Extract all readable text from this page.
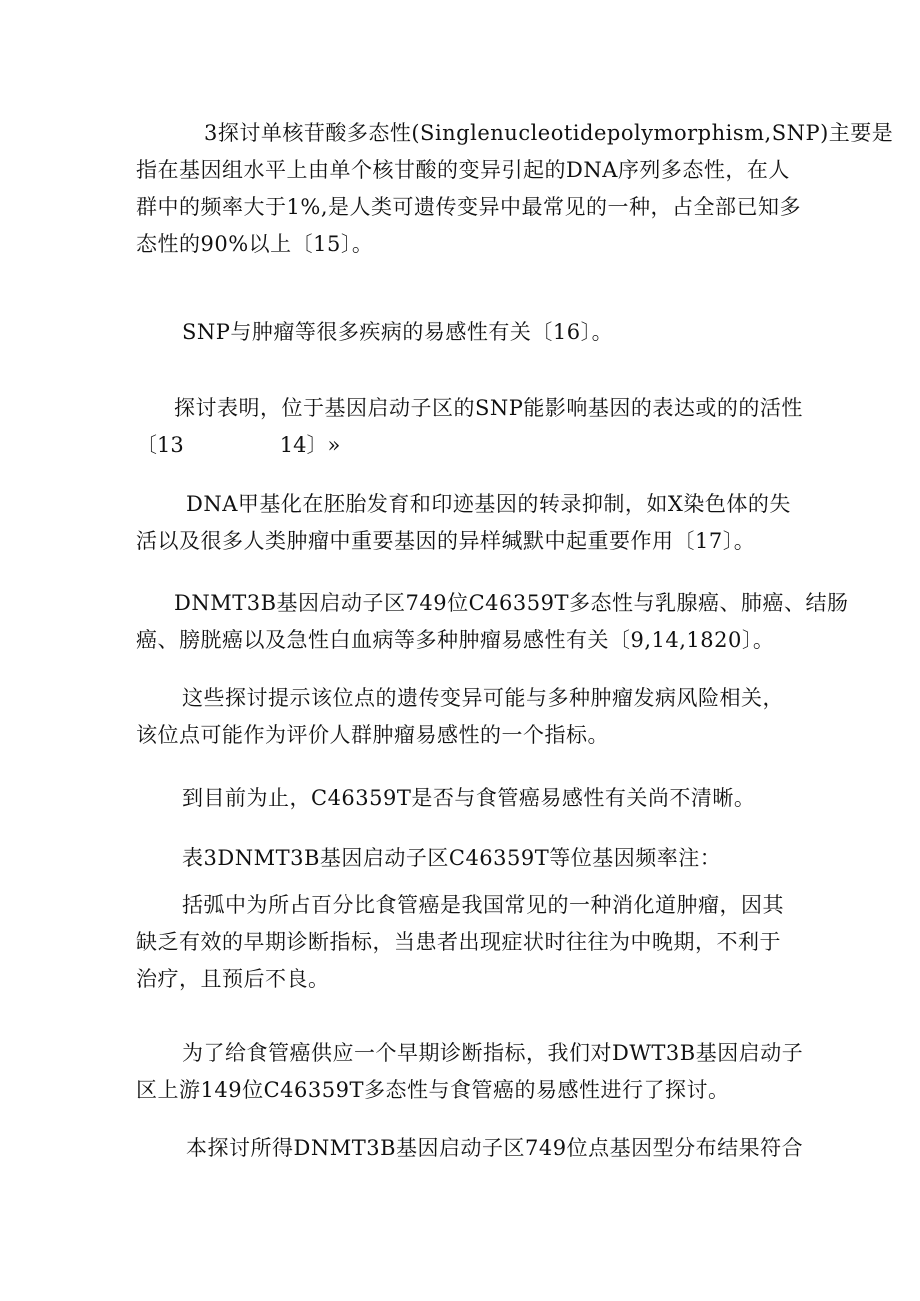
3探讨单核苷酸多态性(Singlenucleotidepolymorphism,SNP)主要是
指在基因组水平上由单个核甘酸的变异引起的DNA序列多态性，在人
群中的频率大于1%,是人类可遗传变异中最常见的一种，占全部已知多
态性的90%以上〔15〕。

SNP与肿瘤等很多疾病的易感性有关〔16〕。

探讨表明，位于基因启动子区的SNP能影响基因的表达或的的活性
〔13	14〕»

DNA甲基化在胚胎发育和印迹基因的转录抑制，如X染色体的失
活以及很多人类肿瘤中重要基因的异样缄默中起重要作用〔17〕。

DNMT3B基因启动子区749位C46359T多态性与乳腺癌、肺癌、结肠
癌、膀胱癌以及急性白血病等多种肿瘤易感性有关〔9,14,1820〕。

这些探讨提示该位点的遗传变异可能与多种肿瘤发病风险相关，
该位点可能作为评价人群肿瘤易感性的一个指标。

到目前为止，C46359T是否与食管癌易感性有关尚不清晰。

表3DNMT3B基因启动子区C46359T等位基因频率注：

括弧中为所占百分比食管癌是我国常见的一种消化道肿瘤，因其
缺乏有效的早期诊断指标，当患者出现症状时往往为中晚期，不利于
治疗，且预后不良。

为了给食管癌供应一个早期诊断指标，我们对DWT3B基因启动子
区上游149位C46359T多态性与食管癌的易感性进行了探讨。

本探讨所得DNMT3B基因启动子区749位点基因型分布结果符合
